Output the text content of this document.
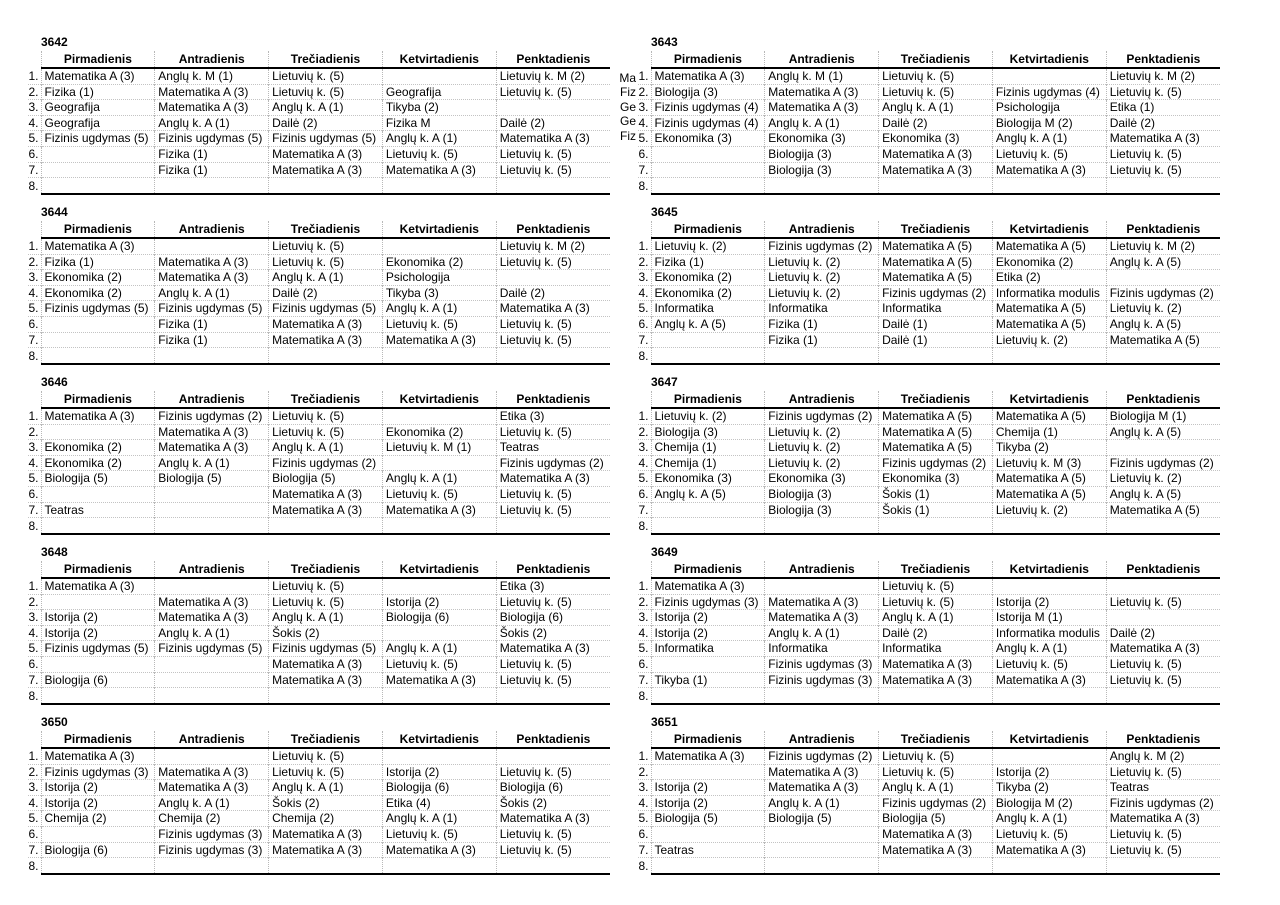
3642
	Pirmadienis	Antradienis	Trečiadienis	Ketvirtadienis	Penktadienis
1.	Matematika A (3)	Anglų k. M (1)	Lietuvių k. (5)		Lietuvių k. M (2)
2.	Fizika (1)	Matematika A (3)	Lietuvių k. (5)	Geografija	Lietuvių k. (5)
3.	Geografija	Matematika A (3)	Anglų k. A (1)	Tikyba (2)	
4.	Geografija	Anglų k. A (1)	Dailė (2)	Fizika M	Dailė (2)
5.	Fizinis ugdymas (5)	Fizinis ugdymas (5)	Fizinis ugdymas (5)	Anglų k. A (1)	Matematika A (3)
6.		Fizika (1)	Matematika A (3)	Lietuvių k. (5)	Lietuvių k. (5)
7.		Fizika (1)	Matematika A (3)	Matematika A (3)	Lietuvių k. (5)
8.					
Ma
Fiz
Ge
Ge
Fiz
3643
	Pirmadienis	Antradienis	Trečiadienis	Ketvirtadienis	Penktadienis
1.	Matematika A (3)	Anglų k. M (1)	Lietuvių k. (5)		Lietuvių k. M (2)
2.	Biologija (3)	Matematika A (3)	Lietuvių k. (5)	Fizinis ugdymas (4)	Lietuvių k. (5)
3.	Fizinis ugdymas (4)	Matematika A (3)	Anglų k. A (1)	Psichologija	Etika (1)
4.	Fizinis ugdymas (4)	Anglų k. A (1)	Dailė (2)	Biologija M (2)	Dailė (2)
5.	Ekonomika (3)	Ekonomika (3)	Ekonomika (3)	Anglų k. A (1)	Matematika A (3)
6.		Biologija (3)	Matematika A (3)	Lietuvių k. (5)	Lietuvių k. (5)
7.		Biologija (3)	Matematika A (3)	Matematika A (3)	Lietuvių k. (5)
8.					
3644
	Pirmadienis	Antradienis	Trečiadienis	Ketvirtadienis	Penktadienis
1.	Matematika A (3)		Lietuvių k. (5)		Lietuvių k. M (2)
2.	Fizika (1)	Matematika A (3)	Lietuvių k. (5)	Ekonomika (2)	Lietuvių k. (5)
3.	Ekonomika (2)	Matematika A (3)	Anglų k. A (1)	Psichologija	
4.	Ekonomika (2)	Anglų k. A (1)	Dailė (2)	Tikyba (3)	Dailė (2)
5.	Fizinis ugdymas (5)	Fizinis ugdymas (5)	Fizinis ugdymas (5)	Anglų k. A (1)	Matematika A (3)
6.		Fizika (1)	Matematika A (3)	Lietuvių k. (5)	Lietuvių k. (5)
7.		Fizika (1)	Matematika A (3)	Matematika A (3)	Lietuvių k. (5)
8.					
3645
	Pirmadienis	Antradienis	Trečiadienis	Ketvirtadienis	Penktadienis
1.	Lietuvių k. (2)	Fizinis ugdymas (2)	Matematika A (5)	Matematika A (5)	Lietuvių k. M (2)
2.	Fizika (1)	Lietuvių k. (2)	Matematika A (5)	Ekonomika (2)	Anglų k. A (5)
3.	Ekonomika (2)	Lietuvių k. (2)	Matematika A (5)	Etika (2)	
4.	Ekonomika (2)	Lietuvių k. (2)	Fizinis ugdymas (2)	Informatika modulis	Fizinis ugdymas (2)
5.	Informatika	Informatika	Informatika	Matematika A (5)	Lietuvių k. (2)
6.	Anglų k. A (5)	Fizika (1)	Dailė (1)	Matematika A (5)	Anglų k. A (5)
7.		Fizika (1)	Dailė (1)	Lietuvių k. (2)	Matematika A (5)
8.					
3646
	Pirmadienis	Antradienis	Trečiadienis	Ketvirtadienis	Penktadienis
1.	Matematika A (3)	Fizinis ugdymas (2)	Lietuvių k. (5)		Etika (3)
2.		Matematika A (3)	Lietuvių k. (5)	Ekonomika (2)	Lietuvių k. (5)
3.	Ekonomika (2)	Matematika A (3)	Anglų k. A (1)	Lietuvių k. M (1)	Teatras
4.	Ekonomika (2)	Anglų k. A (1)	Fizinis ugdymas (2)		Fizinis ugdymas (2)
5.	Biologija (5)	Biologija (5)	Biologija (5)	Anglų k. A (1)	Matematika A (3)
6.			Matematika A (3)	Lietuvių k. (5)	Lietuvių k. (5)
7.	Teatras		Matematika A (3)	Matematika A (3)	Lietuvių k. (5)
8.					
3647
	Pirmadienis	Antradienis	Trečiadienis	Ketvirtadienis	Penktadienis
1.	Lietuvių k. (2)	Fizinis ugdymas (2)	Matematika A (5)	Matematika A (5)	Biologija M (1)
2.	Biologija (3)	Lietuvių k. (2)	Matematika A (5)	Chemija (1)	Anglų k. A (5)
3.	Chemija (1)	Lietuvių k. (2)	Matematika A (5)	Tikyba (2)	
4.	Chemija (1)	Lietuvių k. (2)	Fizinis ugdymas (2)	Lietuvių k. M (3)	Fizinis ugdymas (2)
5.	Ekonomika (3)	Ekonomika (3)	Ekonomika (3)	Matematika A (5)	Lietuvių k. (2)
6.	Anglų k. A (5)	Biologija (3)	Šokis (1)	Matematika A (5)	Anglų k. A (5)
7.		Biologija (3)	Šokis (1)	Lietuvių k. (2)	Matematika A (5)
8.					
3648
	Pirmadienis	Antradienis	Trečiadienis	Ketvirtadienis	Penktadienis
1.	Matematika A (3)		Lietuvių k. (5)		Etika (3)
2.		Matematika A (3)	Lietuvių k. (5)	Istorija (2)	Lietuvių k. (5)
3.	Istorija (2)	Matematika A (3)	Anglų k. A (1)	Biologija (6)	Biologija (6)
4.	Istorija (2)	Anglų k. A (1)	Šokis (2)		Šokis (2)
5.	Fizinis ugdymas (5)	Fizinis ugdymas (5)	Fizinis ugdymas (5)	Anglų k. A (1)	Matematika A (3)
6.			Matematika A (3)	Lietuvių k. (5)	Lietuvių k. (5)
7.	Biologija (6)		Matematika A (3)	Matematika A (3)	Lietuvių k. (5)
8.					
3649
	Pirmadienis	Antradienis	Trečiadienis	Ketvirtadienis	Penktadienis
1.	Matematika A (3)		Lietuvių k. (5)		
2.	Fizinis ugdymas (3)	Matematika A (3)	Lietuvių k. (5)	Istorija (2)	Lietuvių k. (5)
3.	Istorija (2)	Matematika A (3)	Anglų k. A (1)	Istorija M (1)	
4.	Istorija (2)	Anglų k. A (1)	Dailė (2)	Informatika modulis	Dailė (2)
5.	Informatika	Informatika	Informatika	Anglų k. A (1)	Matematika A (3)
6.		Fizinis ugdymas (3)	Matematika A (3)	Lietuvių k. (5)	Lietuvių k. (5)
7.	Tikyba (1)	Fizinis ugdymas (3)	Matematika A (3)	Matematika A (3)	Lietuvių k. (5)
8.					
3650
	Pirmadienis	Antradienis	Trečiadienis	Ketvirtadienis	Penktadienis
1.	Matematika A (3)		Lietuvių k. (5)		
2.	Fizinis ugdymas (3)	Matematika A (3)	Lietuvių k. (5)	Istorija (2)	Lietuvių k. (5)
3.	Istorija (2)	Matematika A (3)	Anglų k. A (1)	Biologija (6)	Biologija (6)
4.	Istorija (2)	Anglų k. A (1)	Šokis (2)	Etika (4)	Šokis (2)
5.	Chemija (2)	Chemija (2)	Chemija (2)	Anglų k. A (1)	Matematika A (3)
6.		Fizinis ugdymas (3)	Matematika A (3)	Lietuvių k. (5)	Lietuvių k. (5)
7.	Biologija (6)	Fizinis ugdymas (3)	Matematika A (3)	Matematika A (3)	Lietuvių k. (5)
8.					
3651
	Pirmadienis	Antradienis	Trečiadienis	Ketvirtadienis	Penktadienis
1.	Matematika A (3)	Fizinis ugdymas (2)	Lietuvių k. (5)		Anglų k. M (2)
2.		Matematika A (3)	Lietuvių k. (5)	Istorija (2)	Lietuvių k. (5)
3.	Istorija (2)	Matematika A (3)	Anglų k. A (1)	Tikyba (2)	Teatras
4.	Istorija (2)	Anglų k. A (1)	Fizinis ugdymas (2)	Biologija M (2)	Fizinis ugdymas (2)
5.	Biologija (5)	Biologija (5)	Biologija (5)	Anglų k. A (1)	Matematika A (3)
6.			Matematika A (3)	Lietuvių k. (5)	Lietuvių k. (5)
7.	Teatras		Matematika A (3)	Matematika A (3)	Lietuvių k. (5)
8.					
